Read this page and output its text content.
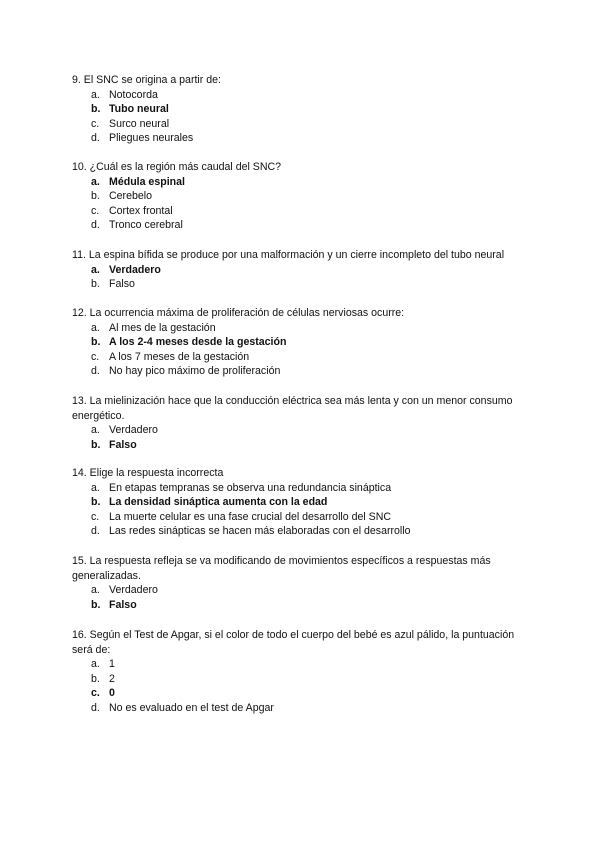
9. El SNC se origina a partir de:
a. Notocorda
b. Tubo neural
c. Surco neural
d. Pliegues neurales
10. ¿Cuál es la región más caudal del SNC?
a. Médula espinal
b. Cerebelo
c. Cortex frontal
d. Tronco cerebral
11. La espina bífida se produce por una malformación y un cierre incompleto del tubo neural
a. Verdadero
b. Falso
12. La ocurrencia máxima de proliferación de células nerviosas ocurre:
a. Al mes de la gestación
b. A los 2-4 meses desde la gestación
c. A los 7 meses de la gestación
d. No hay pico máximo de proliferación
13. La mielinización hace que la conducción eléctrica sea más lenta y con un menor consumo energético.
a. Verdadero
b. Falso
14. Elige la respuesta incorrecta
a. En etapas tempranas se observa una redundancia sináptica
b. La densidad sináptica aumenta con la edad
c. La muerte celular es una fase crucial del desarrollo del SNC
d. Las redes sinápticas se hacen más elaboradas con el desarrollo
15. La respuesta refleja se va modificando de movimientos específicos a respuestas más generalizadas.
a. Verdadero
b. Falso
16. Según el Test de Apgar, si el color de todo el cuerpo del bebé es azul pálido, la puntuación será de:
a. 1
b. 2
c. 0
d. No es evaluado en el test de Apgar
